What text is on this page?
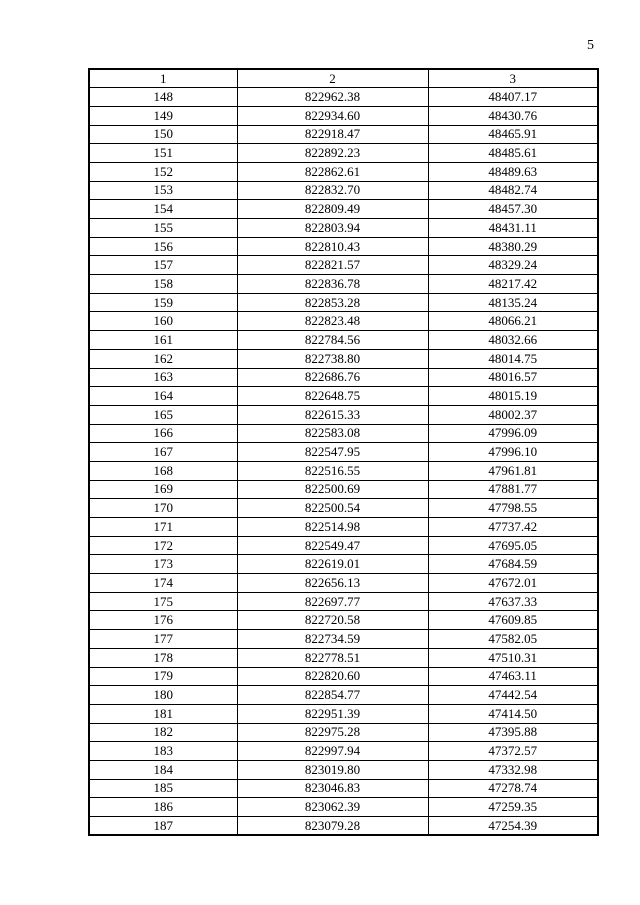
5
1	2	3
148	822962.38	48407.17
149	822934.60	48430.76
150	822918.47	48465.91
151	822892.23	48485.61
152	822862.61	48489.63
153	822832.70	48482.74
154	822809.49	48457.30
155	822803.94	48431.11
156	822810.43	48380.29
157	822821.57	48329.24
158	822836.78	48217.42
159	822853.28	48135.24
160	822823.48	48066.21
161	822784.56	48032.66
162	822738.80	48014.75
163	822686.76	48016.57
164	822648.75	48015.19
165	822615.33	48002.37
166	822583.08	47996.09
167	822547.95	47996.10
168	822516.55	47961.81
169	822500.69	47881.77
170	822500.54	47798.55
171	822514.98	47737.42
172	822549.47	47695.05
173	822619.01	47684.59
174	822656.13	47672.01
175	822697.77	47637.33
176	822720.58	47609.85
177	822734.59	47582.05
178	822778.51	47510.31
179	822820.60	47463.11
180	822854.77	47442.54
181	822951.39	47414.50
182	822975.28	47395.88
183	822997.94	47372.57
184	823019.80	47332.98
185	823046.83	47278.74
186	823062.39	47259.35
187	823079.28	47254.39
